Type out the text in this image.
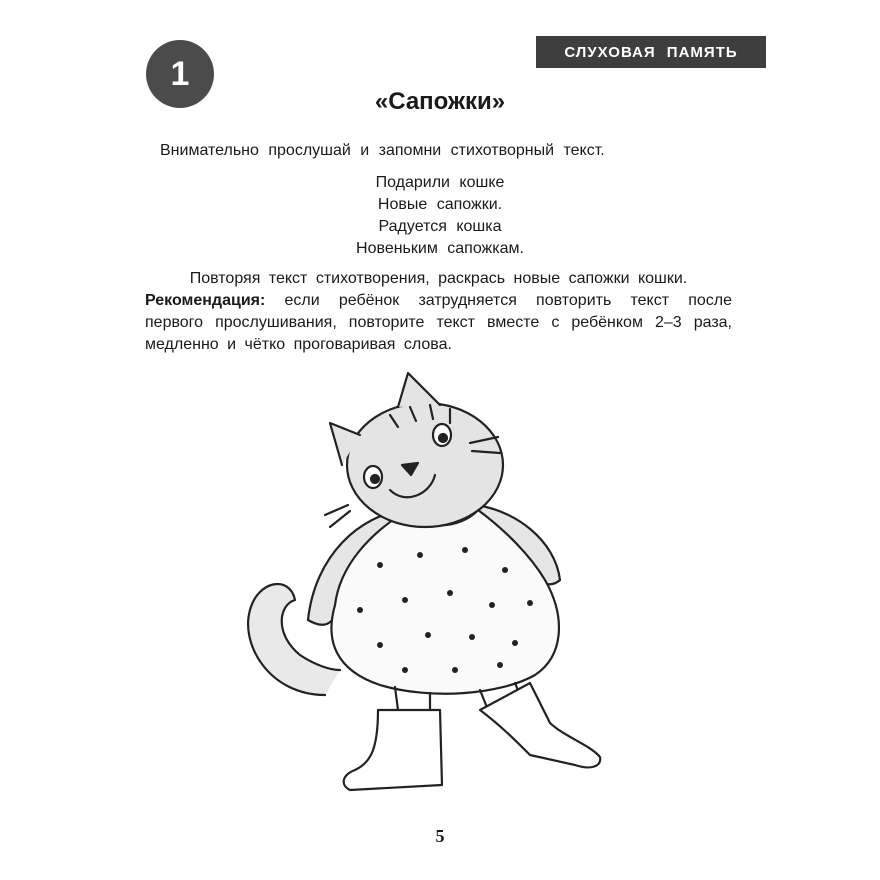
1
СЛУХОВАЯ ПАМЯТЬ
«Сапожки»
Внимательно прослушай и запомни стихотворный текст.
Подарили кошке
Новые сапожки.
Радуется кошка
Новеньким сапожкам.

Повторяя текст стихотворения, раскрась новые сапожки кошки.

Рекомендация: если ребёнок затрудняется повторить текст после первого прослушивания, повторите текст вместе с ребёнком 2–3 раза, медленно и чётко проговаривая слова.

5
